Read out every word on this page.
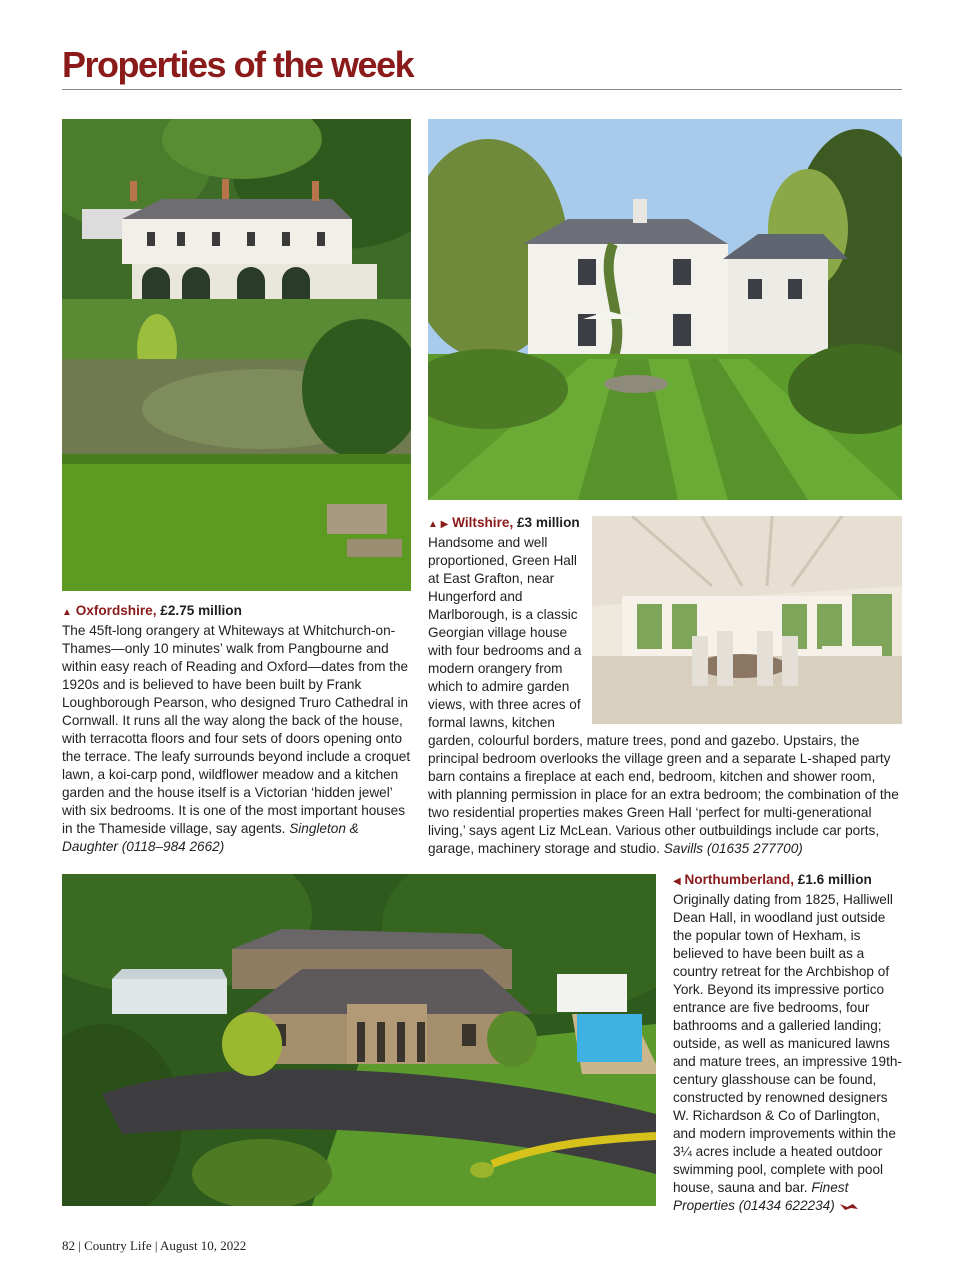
Properties of the week

▲ Oxfordshire, £2.75 million
The 45ft-long orangery at Whiteways at Whitchurch-on-Thames—only 10 minutes’ walk from Pangbourne and within easy reach of Reading and Oxford—dates from the 1920s and is believed to have been built by Frank Loughborough Pearson, who designed Truro Cathedral in Cornwall. It runs all the way along the back of the house, with terracotta floors and four sets of doors opening onto the terrace. The leafy surrounds beyond include a croquet lawn, a koi-carp pond, wildflower meadow and a kitchen garden and the house itself is a Victorian ‘hidden jewel’ with six bedrooms. It is one of the most important houses in the Thameside village, say agents. Singleton & Daughter (0118–984 2662)

▲ ▶ Wiltshire, £3 million
Handsome and well proportioned, Green Hall at East Grafton, near Hungerford and Marlborough, is a classic Georgian village house with four bedrooms and a modern orangery from which to admire garden views, with three acres of formal lawns, kitchen garden, colourful borders, mature trees, pond and gazebo. Upstairs, the principal bedroom overlooks the village green and a separate L-shaped party barn contains a fireplace at each end, bedroom, kitchen and shower room, with planning permission in place for an extra bedroom; the combination of the two residential properties makes Green Hall ‘perfect for multi-generational living,’ says agent Liz McLean. Various other outbuildings include car ports, garage, machinery storage and studio. Savills (01635 277700)

◀ Northumberland, £1.6 million
Originally dating from 1825, Halliwell Dean Hall, in woodland just outside the popular town of Hexham, is believed to have been built as a country retreat for the Archbishop of York. Beyond its impressive portico entrance are five bedrooms, four bathrooms and a galleried landing; outside, as well as manicured lawns and mature trees, an impressive 19th-century glasshouse can be found, constructed by renowned designers W. Richardson & Co of Darlington, and modern improvements within the 3¼ acres include a heated outdoor swimming pool, complete with pool house, sauna and bar. Finest Properties (01434 622234)

82 | Country Life | August 10, 2022
